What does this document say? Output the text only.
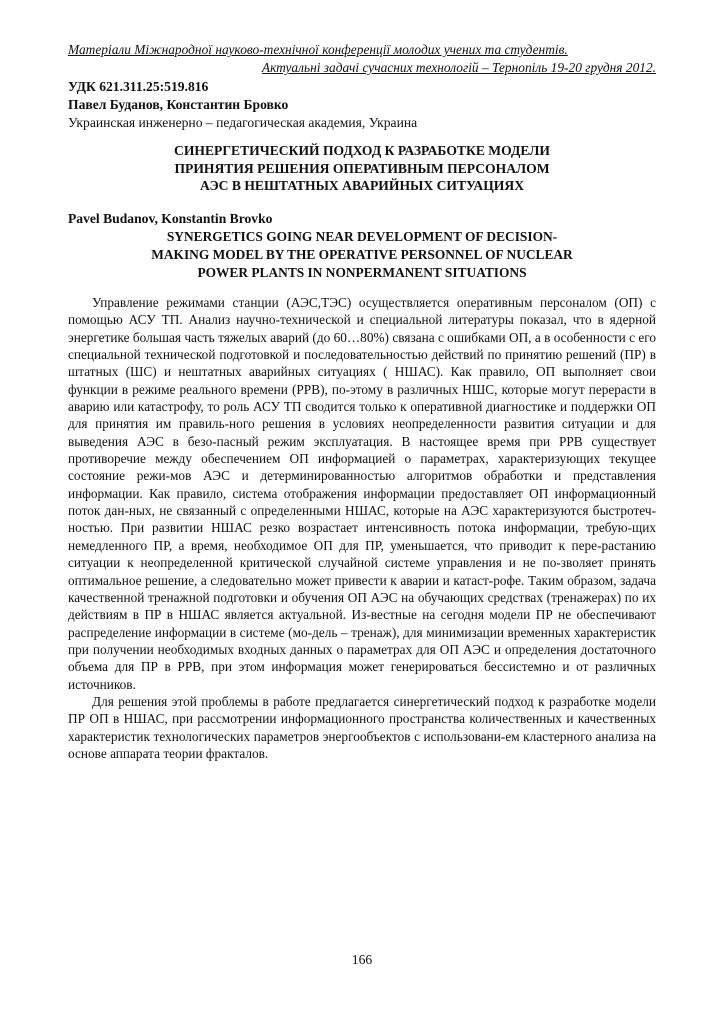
Матеріали Міжнародної науково-технічної конференції молодих учених та студентів.
Актуальні задачі сучасних технологій – Тернопіль 19-20 грудня 2012.
УДК 621.311.25:519.816
Павел Буданов, Константин Бровко
Украинская инженерно – педагогическая академия, Украина
СИНЕРГЕТИЧЕСКИЙ ПОДХОД К РАЗРАБОТКЕ МОДЕЛИ
ПРИНЯТИЯ РЕШЕНИЯ ОПЕРАТИВНЫМ ПЕРСОНАЛОМ
АЭС В НЕШТАТНЫХ АВАРИЙНЫХ СИТУАЦИЯХ
Pavel Budanov, Konstantin Brovko
SYNERGETICS GOING NEAR DEVELOPMENT OF DECISION-
MAKING MODEL BY THE OPERATIVE PERSONNEL OF NUCLEAR
POWER PLANTS IN NONPERMANENT SITUATIONS

Управление режимами станции (АЭС,ТЭС) осуществляется оперативным персоналом (ОП) с помощью АСУ ТП. Анализ научно-технической и специальной литературы показал, что в ядерной энергетике большая часть тяжелых аварий (до 60…80%) связана с ошибками ОП, а в особенности с его специальной технической подготовкой и последовательностью действий по принятию решений (ПР) в штатных (ШС) и нештатных аварийных ситуациях ( НШАС). Как правило, ОП выполняет свои функции в режиме реального времени (РРВ), по-этому в различных НШС, которые могут перерасти в аварию или катастрофу, то роль АСУ ТП сводится только к оперативной диагностике и поддержки ОП для принятия им правиль-ного решения в условиях неопределенности развития ситуации и для выведения АЭС в безо-пасный режим эксплуатация. В настоящее время при РРВ существует противоречие между обеспечением ОП информацией о параметрах, характеризующих текущее состояние режи-мов АЭС и детерминированностью алгоритмов обработки и представления информации. Как правило, система отображения информации предоставляет ОП информационный поток дан-ных, не связанный с определенными НШАС, которые на АЭС характеризуются быстротеч-ностью. При развитии НШАС резко возрастает интенсивность потока информации, требую-щих немедленного ПР, а время, необходимое ОП для ПР, уменьшается, что приводит к пере-растанию ситуации к неопределенной критической случайной системе управления и не по-зволяет принять оптимальное решение, а следовательно может привести к аварии и катаст-рофе. Таким образом, задача качественной тренажной подготовки и обучения ОП АЭС на обучающих средствах (тренажерах) по их действиям в ПР в НШАС является актуальной. Из-вестные на сегодня модели ПР не обеспечивают распределение информации в системе (мо-дель – тренаж), для минимизации временных характеристик при получении необходимых входных данных о параметрах для ОП АЭС и определения достаточного объема для ПР в РРВ, при этом информация может генерироваться бессистемно и от различных источников.

Для решения этой проблемы в работе предлагается синергетический подход к разработке модели ПР ОП в НШАС, при рассмотрении информационного пространства количественных и качественных характеристик технологических параметров энергообъектов с использовани-ем кластерного анализа на основе аппарата теории фракталов.

166
